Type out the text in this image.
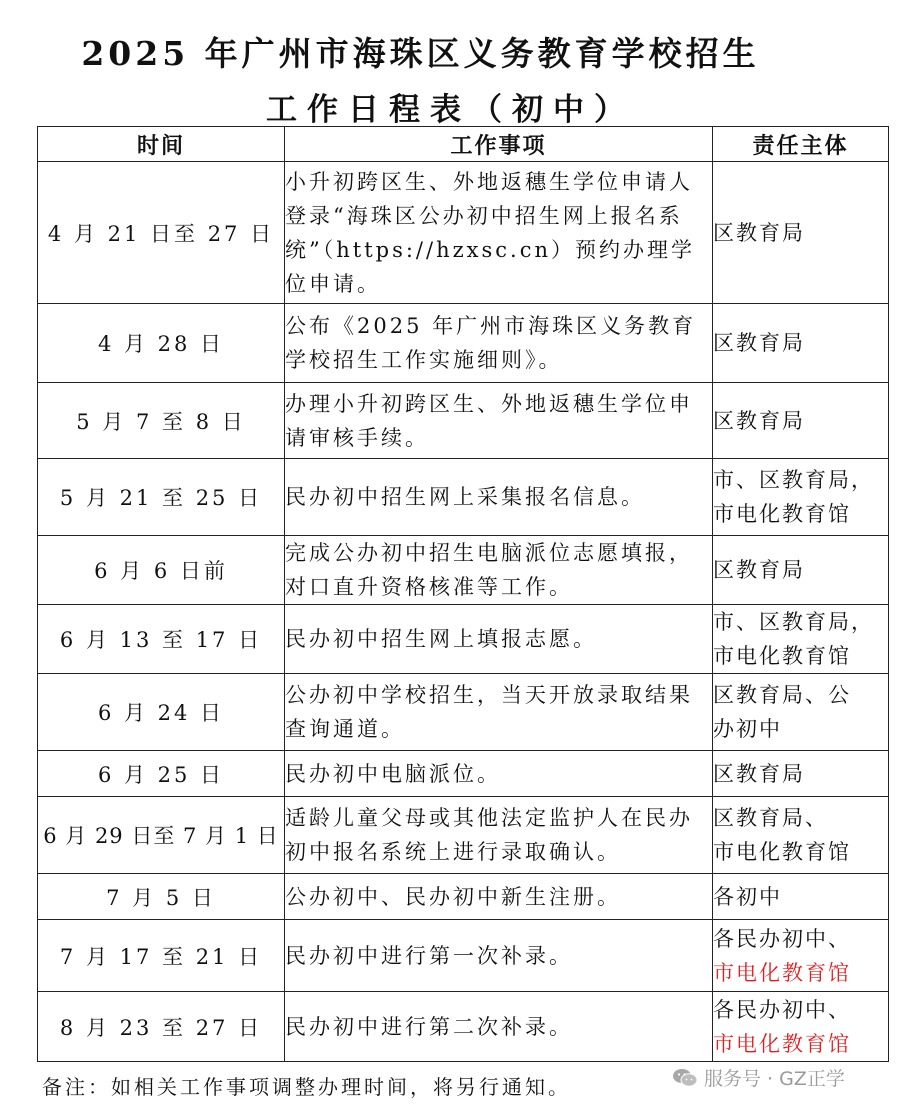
2025 年广州市海珠区义务教育学校招生
工作日程表（初中）
时间	工作事项	责任主体
4 月 21 日至 27 日	小升初跨区生、外地返穗生学位申请人登录“海珠区公办初中招生网上报名系统”（https://hzxsc.cn）预约办理学位申请。	区教育局
4 月 28 日	公布《2025 年广州市海珠区义务教育学校招生工作实施细则》。	区教育局
5 月 7 至 8 日	办理小升初跨区生、外地返穗生学位申请审核手续。	区教育局
5 月 21 至 25 日	民办初中招生网上采集报名信息。	市、区教育局，
市电化教育馆

6 月 6 日前	完成公办初中招生电脑派位志愿填报，对口直升资格核准等工作。	区教育局
6 月 13 至 17 日	民办初中招生网上填报志愿。	市、区教育局，
市电化教育馆

6 月 24 日	公办初中学校招生，当天开放录取结果查询通道。	区教育局、公
办初中

6 月 25 日	民办初中电脑派位。	区教育局
6 月 29 日至 7 月 1 日	适龄儿童父母或其他法定监护人在民办初中报名系统上进行录取确认。	区教育局、
市电化教育馆

7 月 5 日	公办初中、民办初中新生注册。	各初中
7 月 17 至 21 日	民办初中进行第一次补录。	各民办初中、
市电化教育馆

8 月 23 至 27 日	民办初中进行第二次补录。	各民办初中、
市电化教育馆
备注：如相关工作事项调整办理时间，将另行通知。	服务号 · GZ正学
